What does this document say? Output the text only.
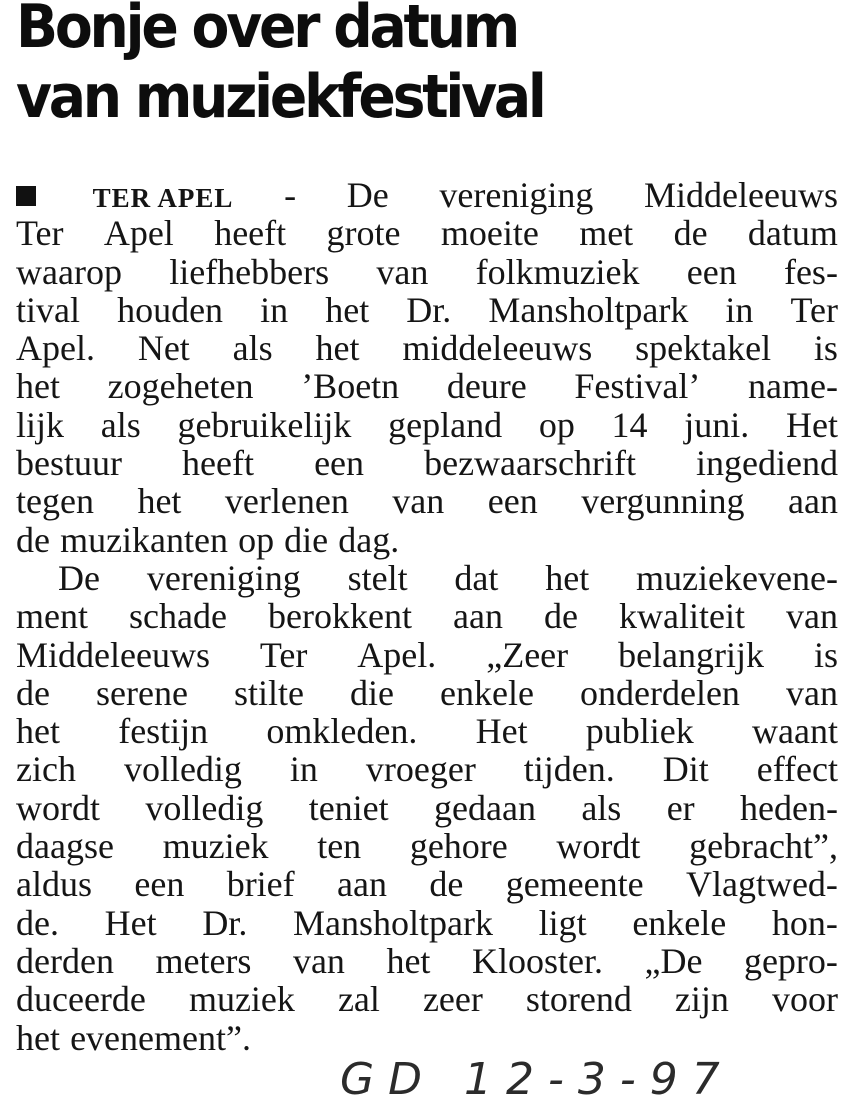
Bonje over datum
van muziekfestival
TER APEL - De vereniging Middeleeuws
Ter Apel heeft grote moeite met de datum
waarop liefhebbers van folkmuziek een fes-
tival houden in het Dr. Mansholtpark in Ter
Apel. Net als het middeleeuws spektakel is
het zogeheten ’Boetn deure Festival’ name-
lijk als gebruikelijk gepland op 14 juni. Het
bestuur heeft een bezwaarschrift ingediend
tegen het verlenen van een vergunning aan
de muzikanten op die dag.
De vereniging stelt dat het muziekevene-
ment schade berokkent aan de kwaliteit van
Middeleeuws Ter Apel. „Zeer belangrijk is
de serene stilte die enkele onderdelen van
het festijn omkleden. Het publiek waant
zich volledig in vroeger tijden. Dit effect
wordt volledig teniet gedaan als er heden-
daagse muziek ten gehore wordt gebracht”,
aldus een brief aan de gemeente Vlagtwed-
de. Het Dr. Mansholtpark ligt enkele hon-
derden meters van het Klooster. „De gepro-
duceerde muziek zal zeer storend zijn voor
het evenement”.
GD 12-3-97
